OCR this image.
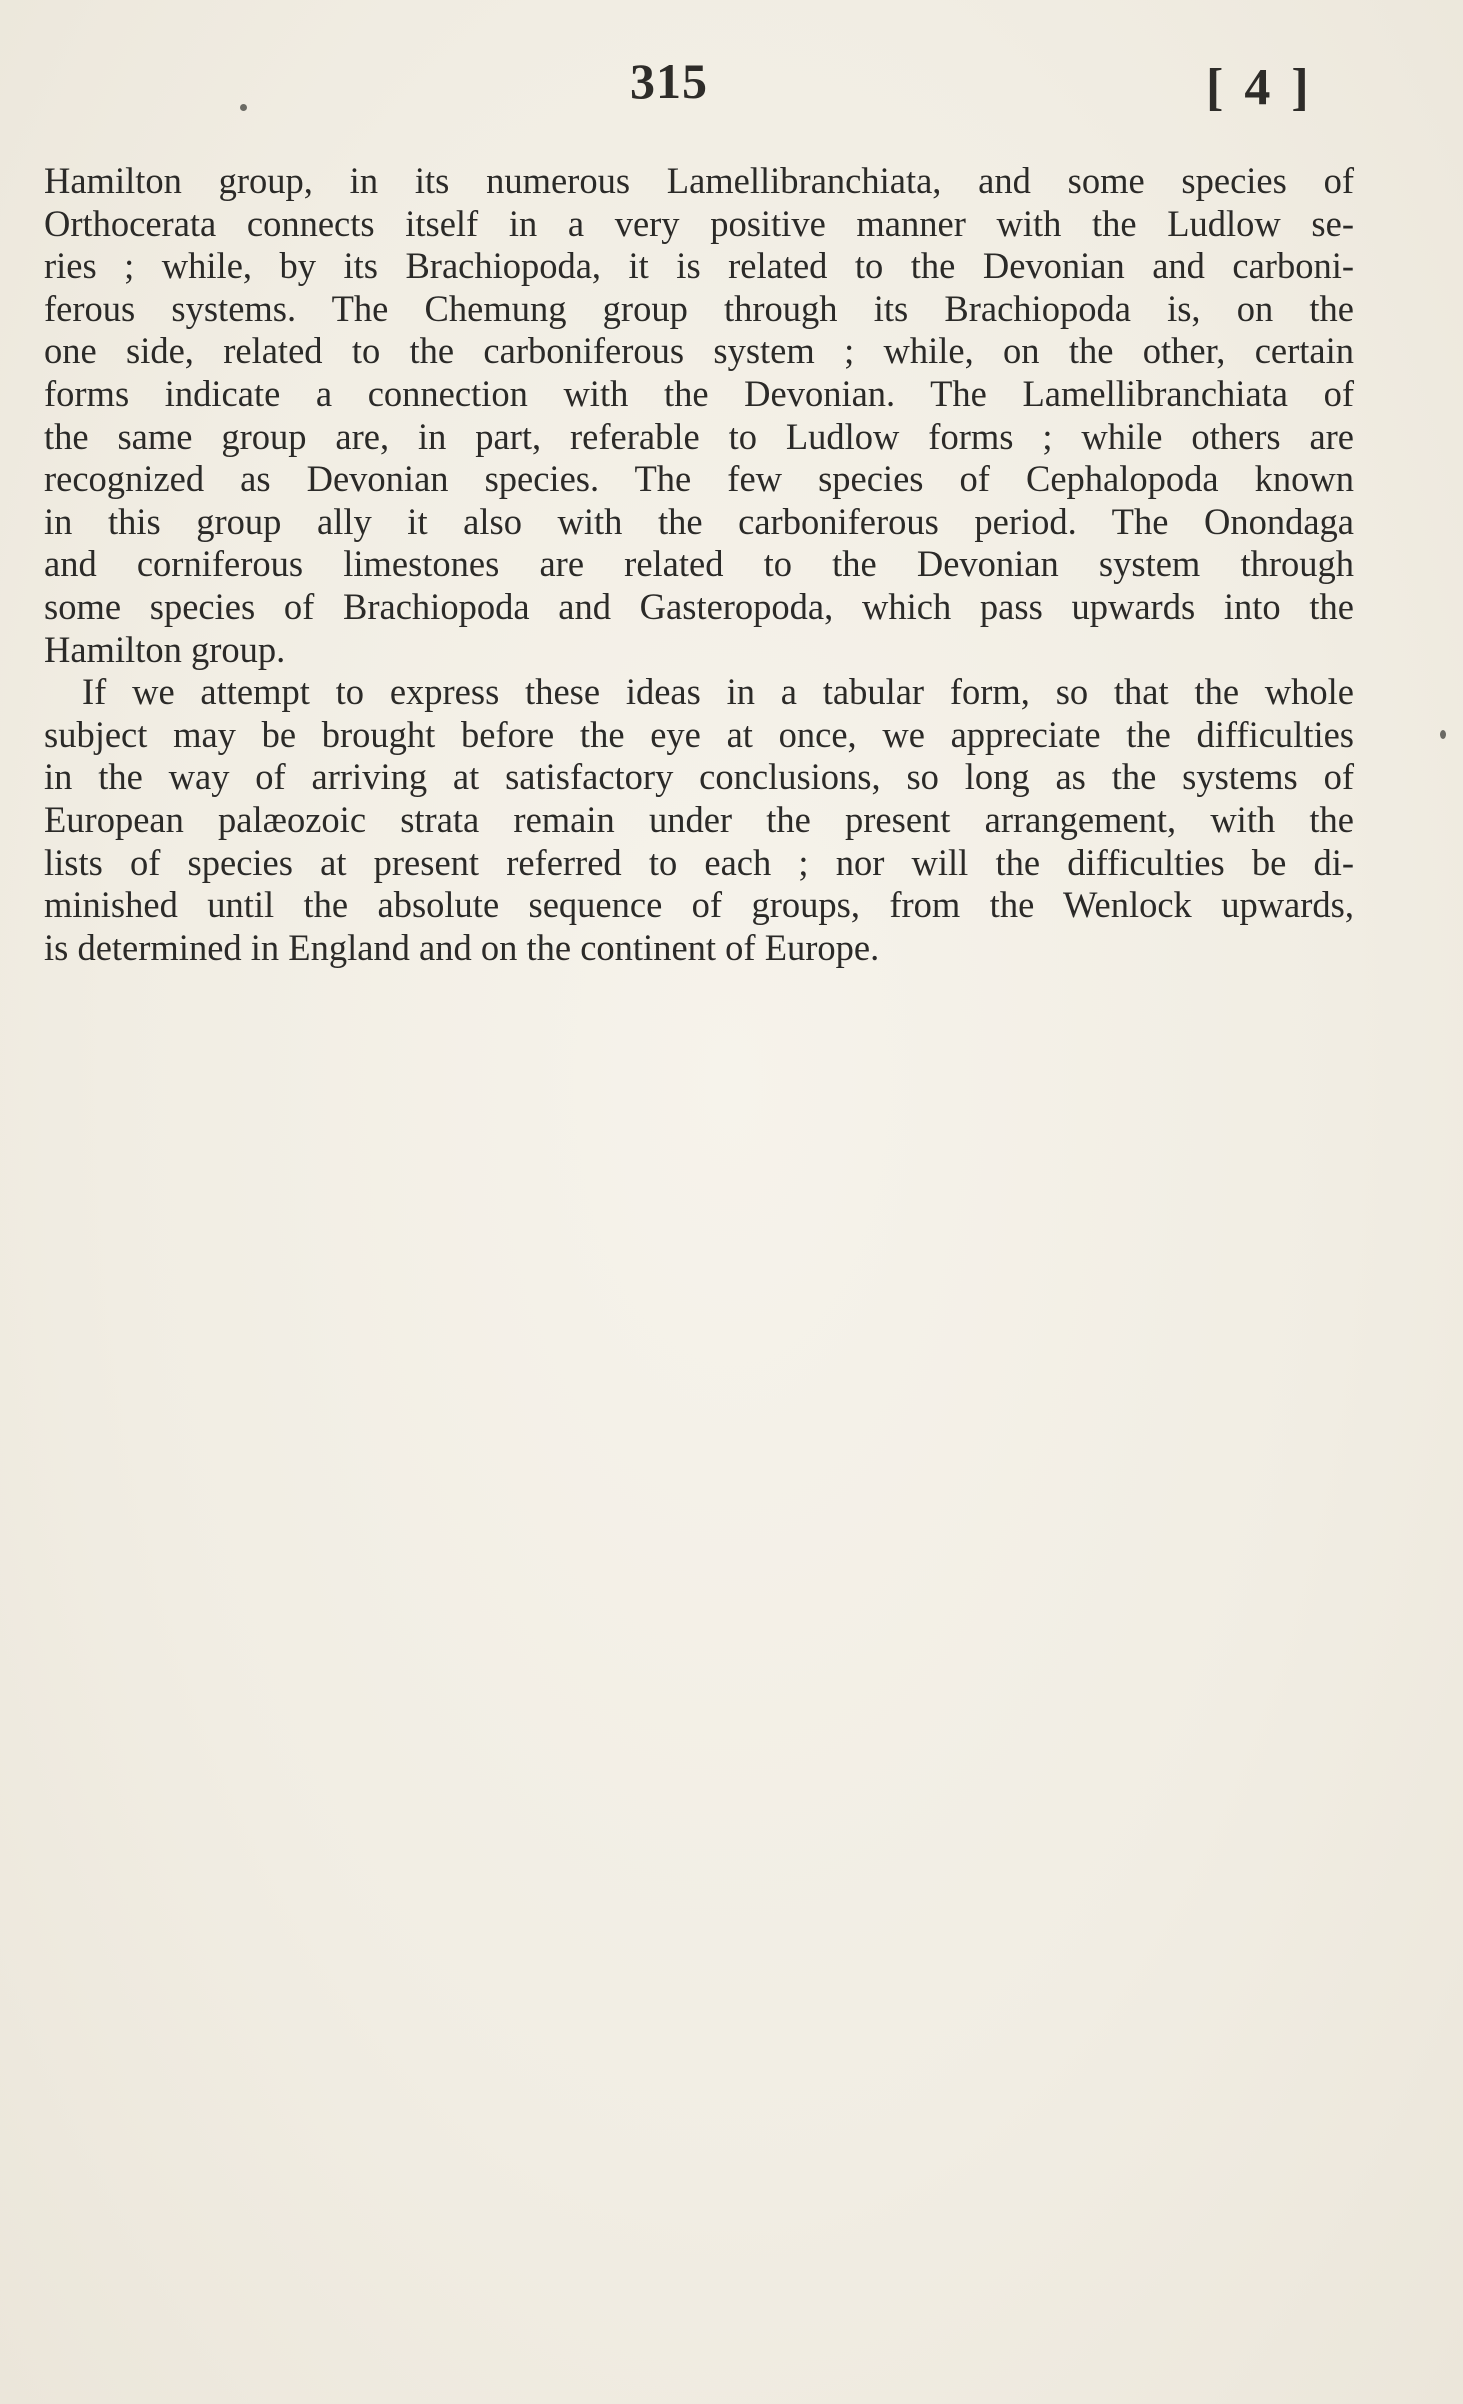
315	[ 4 ]
Hamilton group, in its numerous Lamellibranchiata, and some species of
Orthocerata connects itself in a very positive manner with the Ludlow se-
ries ; while, by its Brachiopoda, it is related to the Devonian and carboni-
ferous systems. The Chemung group through its Brachiopoda is, on the
one side, related to the carboniferous system ; while, on the other, certain
forms indicate a connection with the Devonian. The Lamellibranchiata of
the same group are, in part, referable to Ludlow forms ; while others are
recognized as Devonian species. The few species of Cephalopoda known
in this group ally it also with the carboniferous period. The Onondaga
and corniferous limestones are related to the Devonian system through
some species of Brachiopoda and Gasteropoda, which pass upwards into the
Hamilton group.
If we attempt to express these ideas in a tabular form, so that the whole
subject may be brought before the eye at once, we appreciate the difficulties
in the way of arriving at satisfactory conclusions, so long as the systems of
European palæozoic strata remain under the present arrangement, with the
lists of species at present referred to each ; nor will the difficulties be di-
minished until the absolute sequence of groups, from the Wenlock upwards,
is determined in England and on the continent of Europe.
